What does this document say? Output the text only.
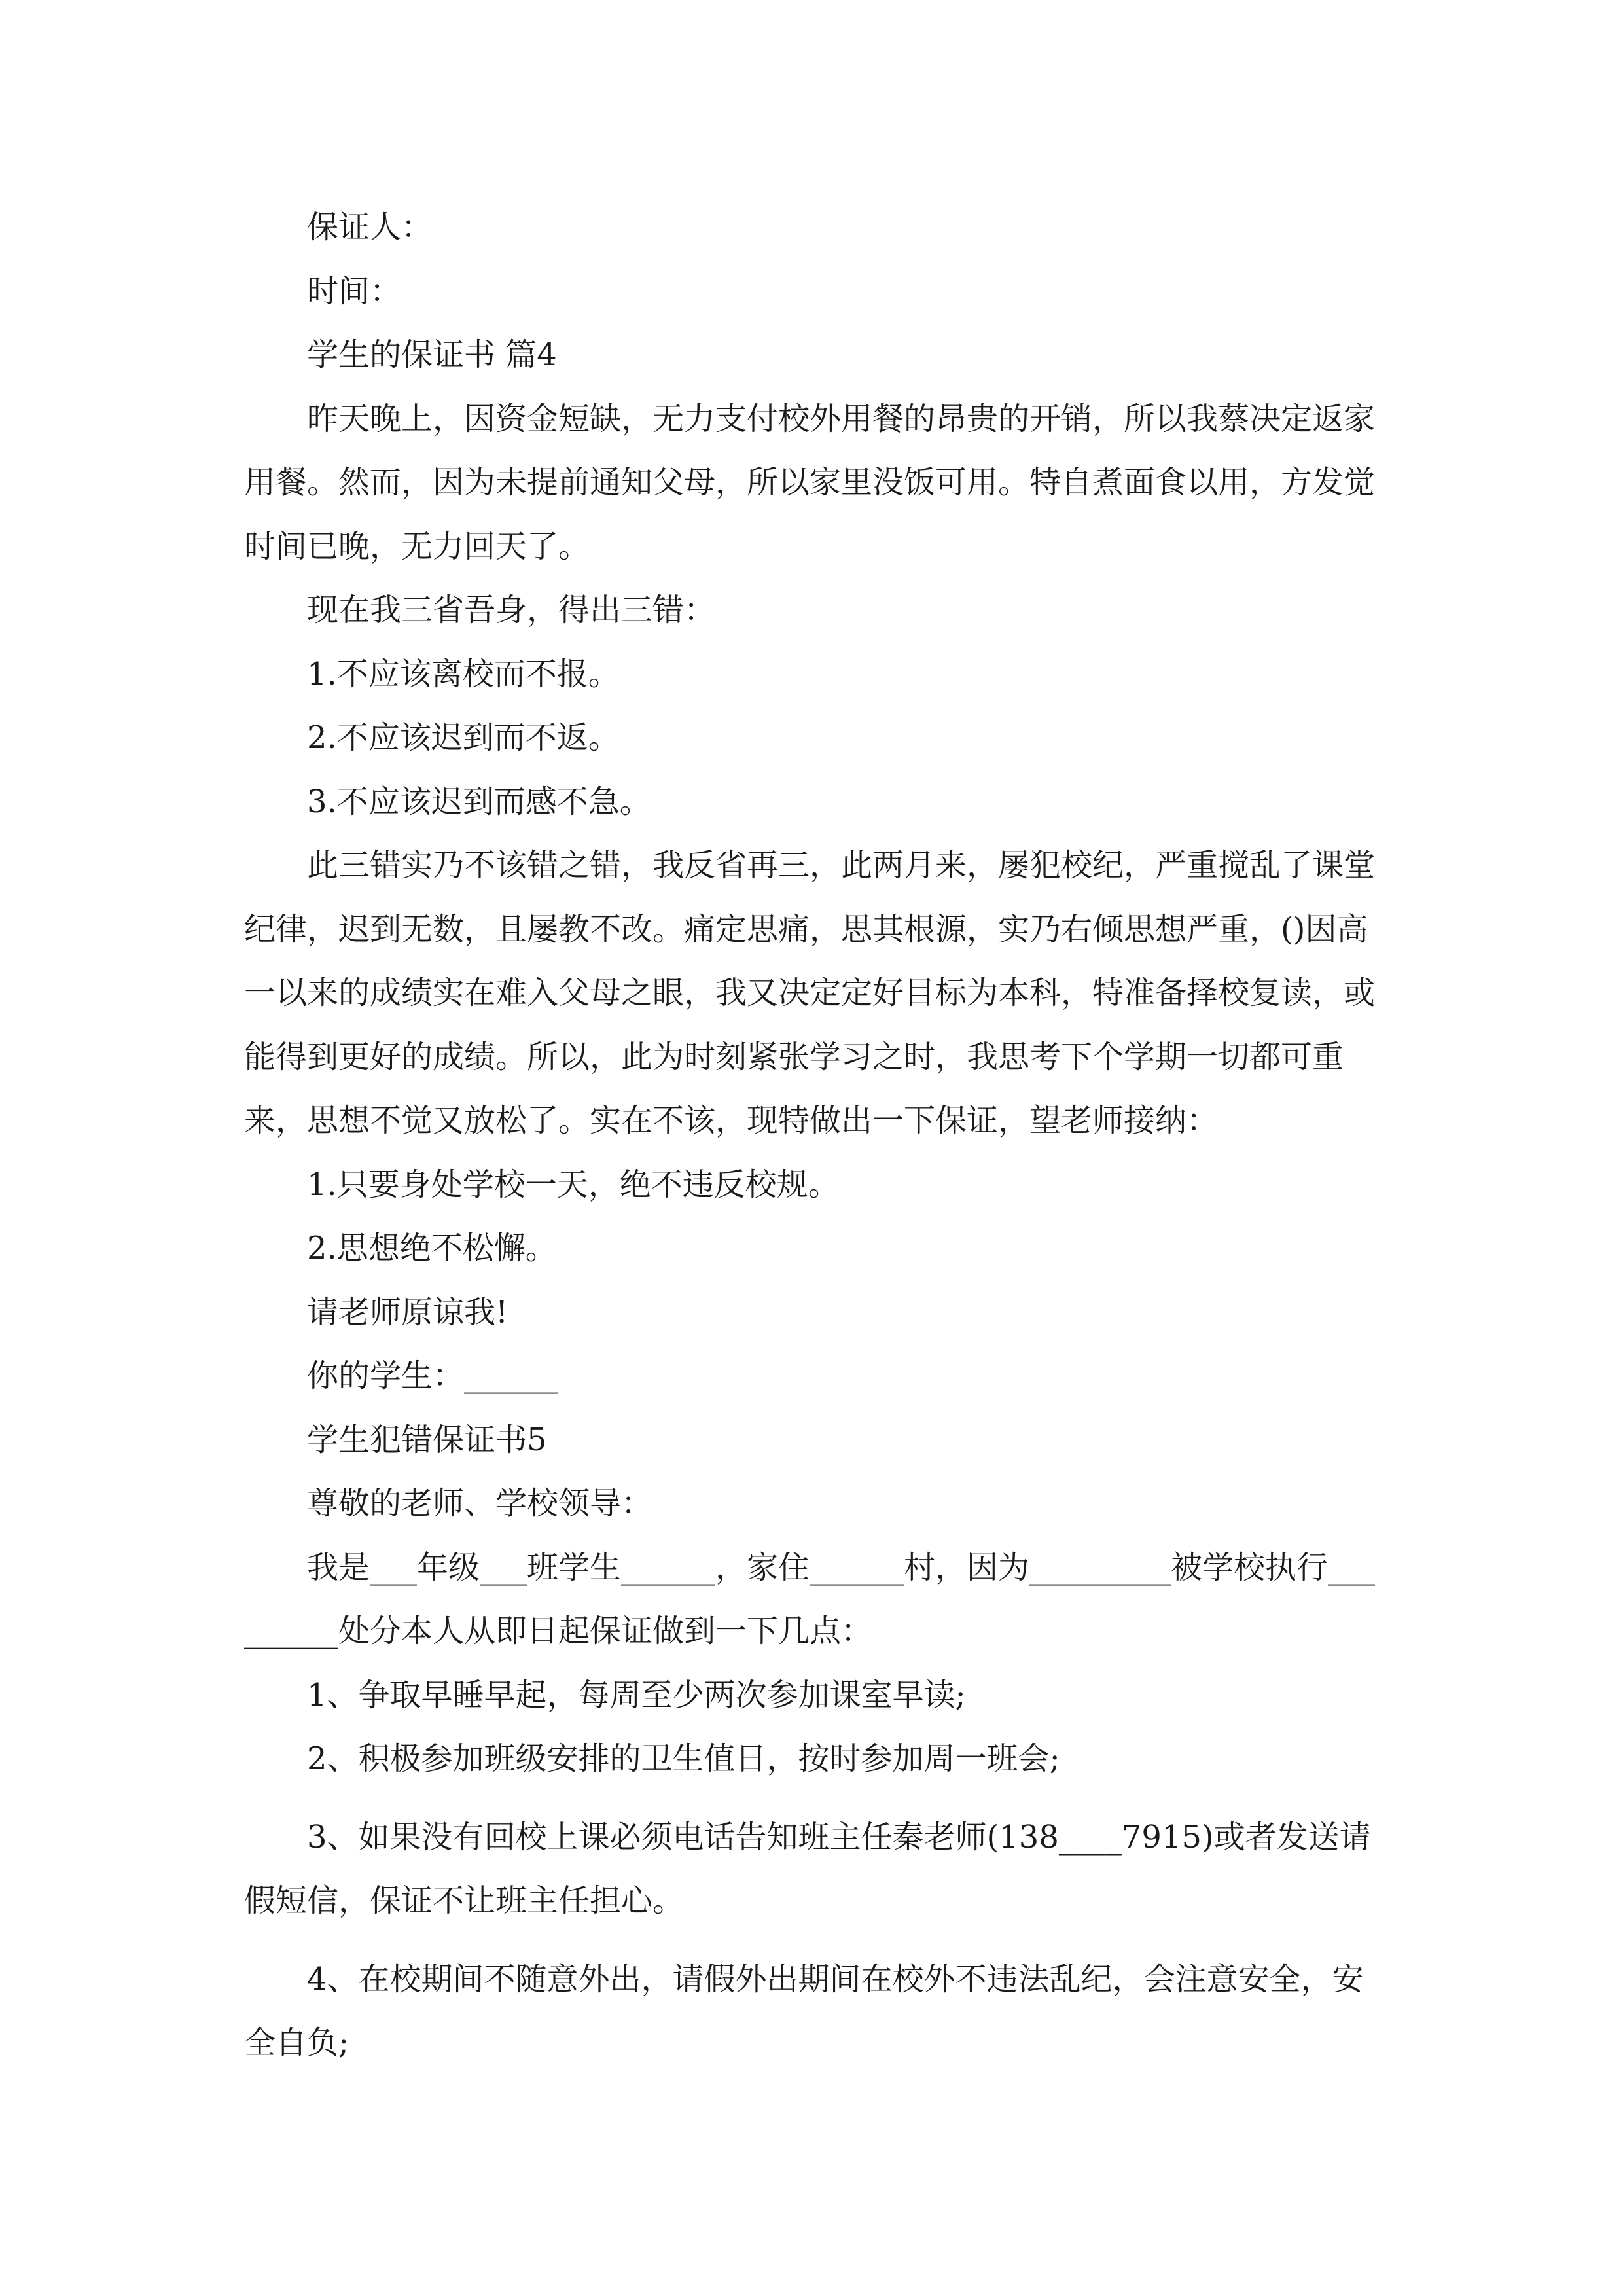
保证人：

时间：

学生的保证书 篇4

昨天晚上，因资金短缺，无力支付校外用餐的昂贵的开销，所以我蔡决定返家用餐。然而，因为未提前通知父母，所以家里没饭可用。特自煮面食以用，方发觉时间已晚，无力回天了。

现在我三省吾身，得出三错：

1.不应该离校而不报。

2.不应该迟到而不返。

3.不应该迟到而感不急。

此三错实乃不该错之错，我反省再三，此两月来，屡犯校纪，严重搅乱了课堂纪律，迟到无数，且屡教不改。痛定思痛，思其根源，实乃右倾思想严重，()因高一以来的成绩实在难入父母之眼，我又决定定好目标为本科，特准备择校复读，或能得到更好的成绩。所以，此为时刻紧张学习之时，我思考下个学期一切都可重来，思想不觉又放松了。实在不该，现特做出一下保证，望老师接纳：

1.只要身处学校一天，绝不违反校规。

2.思想绝不松懈。

请老师原谅我!

你的学生：______

学生犯错保证书5

尊敬的老师、学校领导：

我是___年级___班学生______，家住______村，因为_________被学校执行_________处分本人从即日起保证做到一下几点：

1、争取早睡早起，每周至少两次参加课室早读;

2、积极参加班级安排的卫生值日，按时参加周一班会;

3、如果没有回校上课必须电话告知班主任秦老师(138____7915)或者发送请假短信，保证不让班主任担心。

4、在校期间不随意外出，请假外出期间在校外不违法乱纪，会注意安全，安全自负;
